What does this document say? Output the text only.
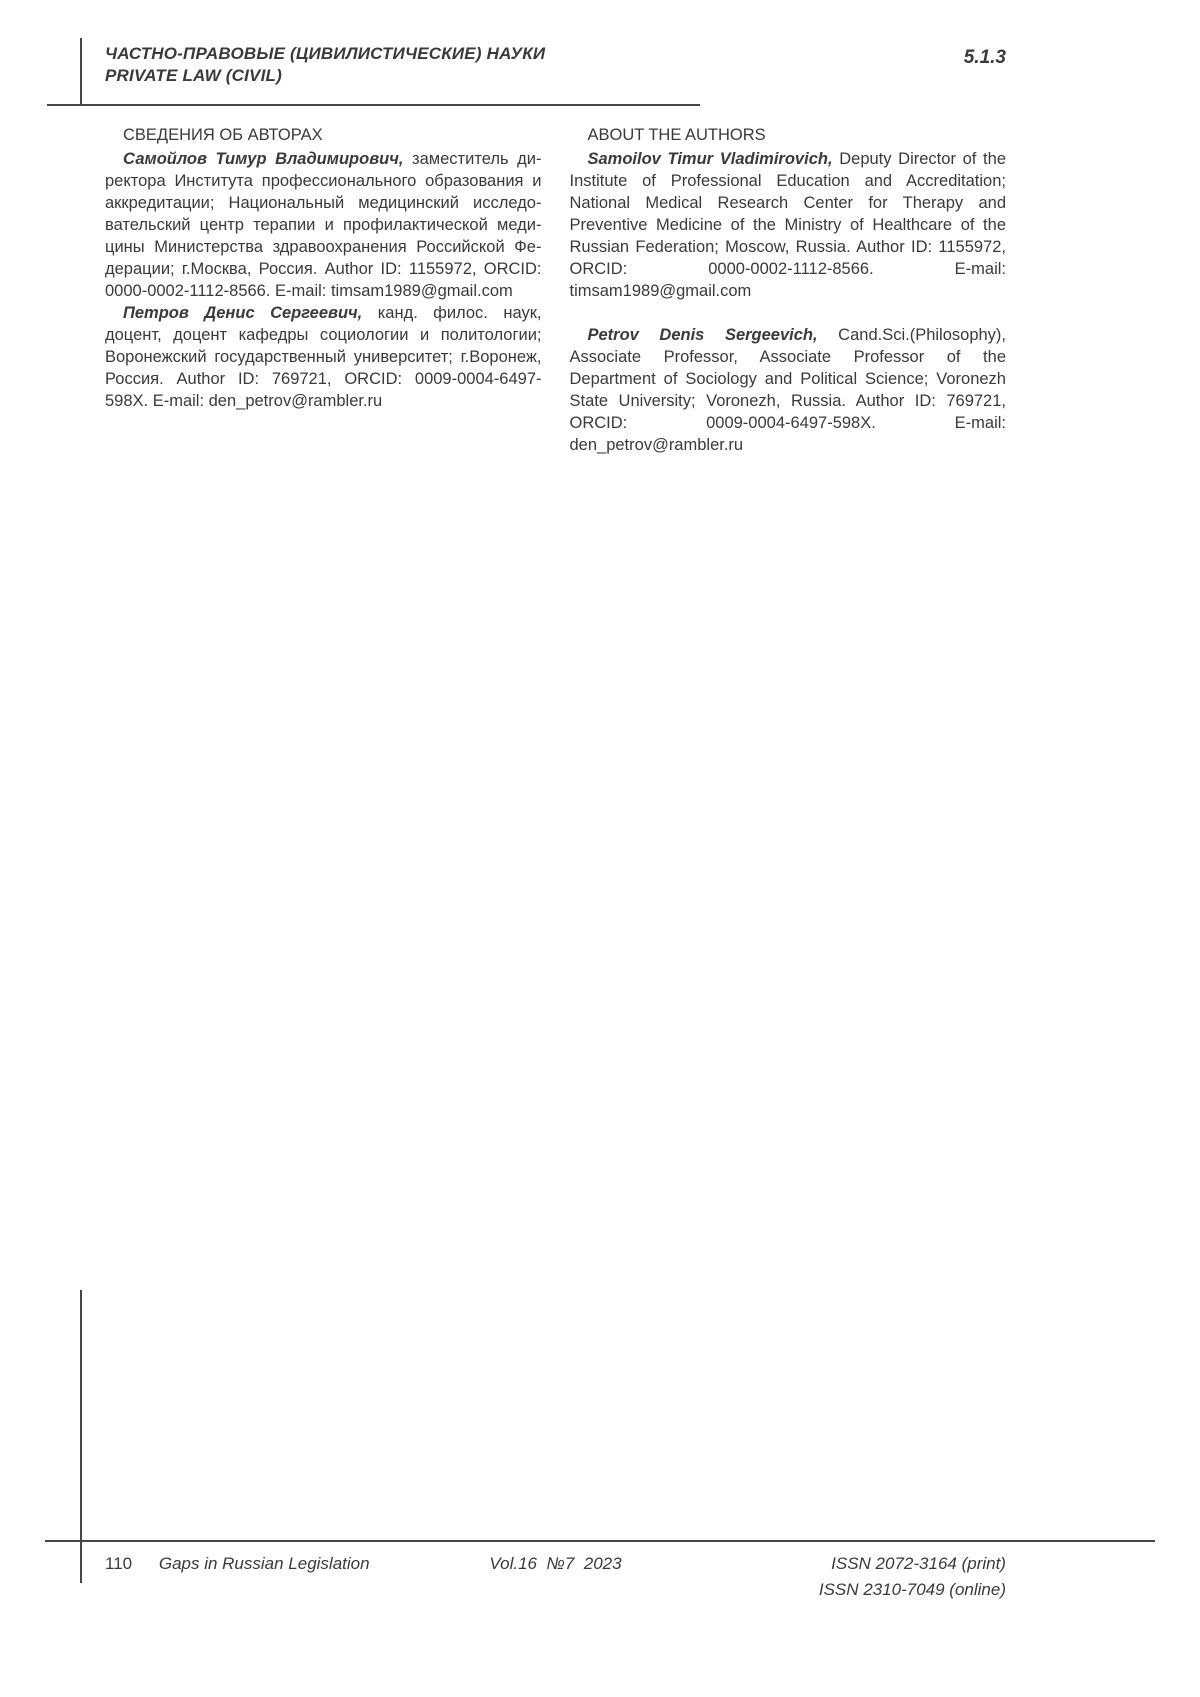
ЧАСТНО-ПРАВОВЫЕ (ЦИВИЛИСТИЧЕСКИЕ) НАУКИ
PRIVATE LAW (CIVIL)
5.1.3
СВЕДЕНИЯ ОБ АВТОРАХ

Самойлов Тимур Владимирович, заместитель директора Института профессионального образования и аккредитации; Национальный медицинский исследовательский центр терапии и профилактической медицины Министерства здравоохранения Российской Федерации; г.Москва, Россия. Author ID: 1155972, ORCID: 0000-0002-1112-8566. E-mail: timsam1989@gmail.com

Петров Денис Сергеевич, канд. филос. наук, доцент, доцент кафедры социологии и политологии; Воронежский государственный университет; г.Воронеж, Россия. Author ID: 769721, ORCID: 0009-0004-6497-598X. E-mail: den_petrov@rambler.ru

ABOUT THE AUTHORS

Samoilov Timur Vladimirovich, Deputy Director of the Institute of Professional Education and Accreditation; National Medical Research Center for Therapy and Preventive Medicine of the Ministry of Healthcare of the Russian Federation; Moscow, Russia. Author ID: 1155972, ORCID: 0000-0002-1112-8566. E-mail: timsam1989@gmail.com

Petrov Denis Sergeevich, Cand.Sci.(Philosophy), Associate Professor, Associate Professor of the Department of Sociology and Political Science; Voronezh State University; Voronezh, Russia. Author ID: 769721, ORCID: 0009-0004-6497-598X. E-mail: den_petrov@rambler.ru

110 Gaps in Russian Legislation	Vol.16  №7  2023	ISSN 2072-3164 (print)
ISSN 2310-7049 (online)
